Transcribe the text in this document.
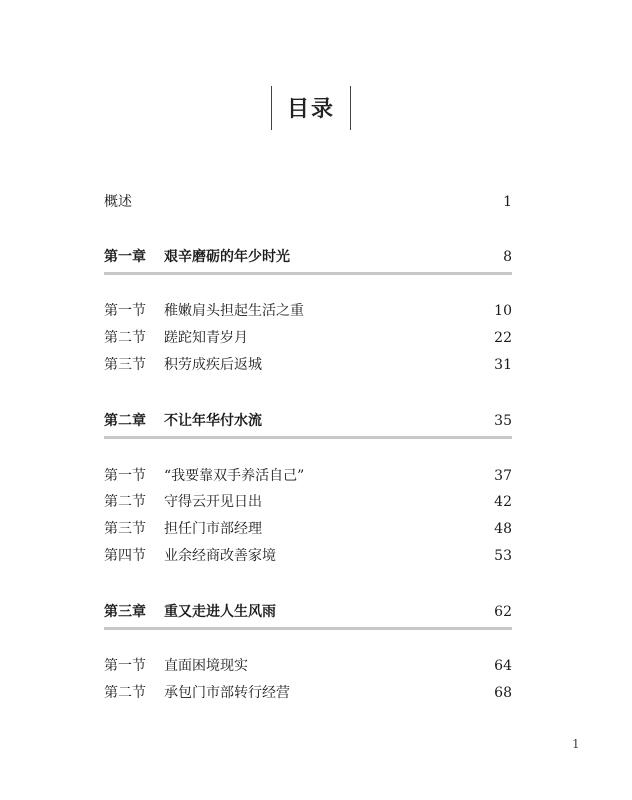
目录
概述	1
第一章 艰辛磨砺的年少时光	8
第一节 稚嫩肩头担起生活之重	10
第二节 蹉跎知青岁月	22
第三节 积劳成疾后返城	31
第二章 不让年华付水流	35
第一节 “我要靠双手养活自己”	37
第二节 守得云开见日出	42
第三节 担任门市部经理	48
第四节 业余经商改善家境	53
第三章 重又走进人生风雨	62
第一节 直面困境现实	64
第二节 承包门市部转行经营	68
1
